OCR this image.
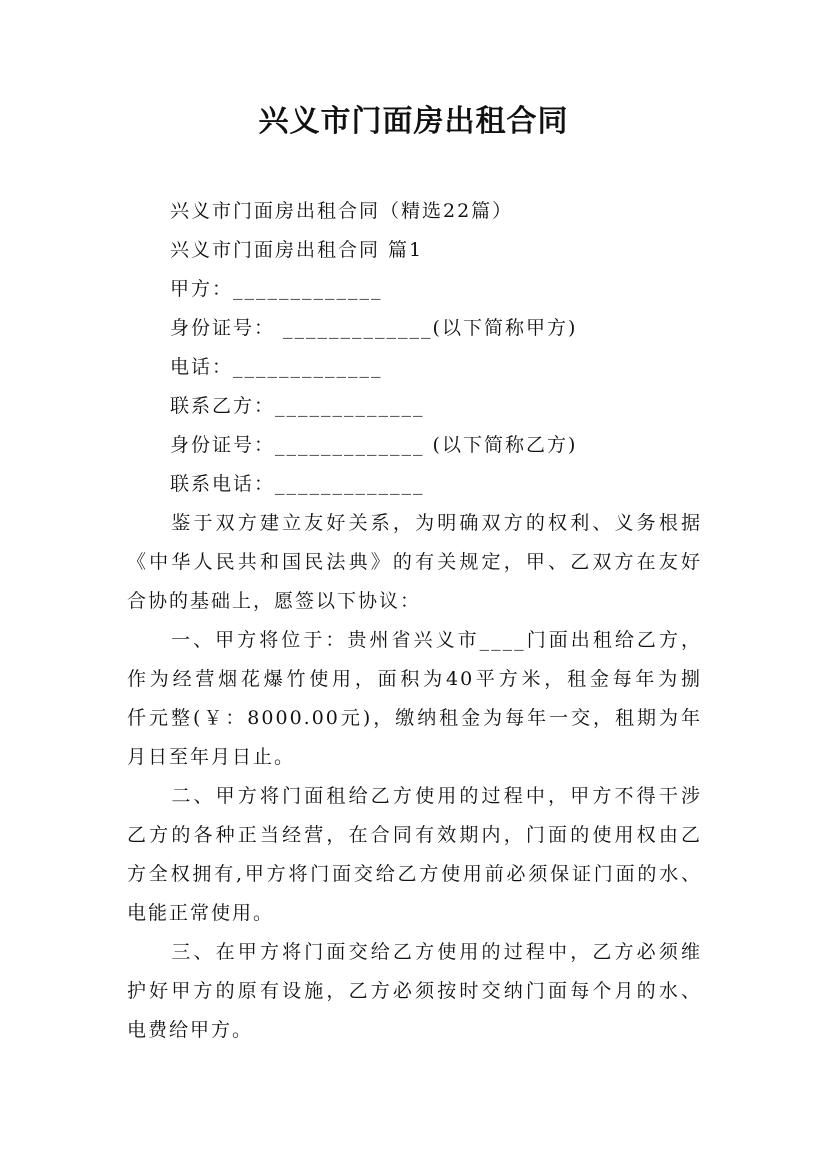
兴义市门面房出租合同
兴义市门面房出租合同（精选22篇）
兴义市门面房出租合同 篇1
甲方：_____________
身份证号： _____________(以下简称甲方)
电话：_____________
联系乙方：_____________
身份证号：_____________ (以下简称乙方)
联系电话：_____________
　　鉴于双方建立友好关系，为明确双方的权利、义务根据
《中华人民共和国民法典》的有关规定，甲、乙双方在友好
合协的基础上，愿签以下协议：
　　一、甲方将位于：贵州省兴义市____门面出租给乙方，
作为经营烟花爆竹使用，面积为40平方米，租金每年为捌
仟元整(￥：8000.00元)，缴纳租金为每年一交，租期为年
月日至年月日止。
　　二、甲方将门面租给乙方使用的过程中，甲方不得干涉
乙方的各种正当经营，在合同有效期内，门面的使用权由乙
方全权拥有,甲方将门面交给乙方使用前必须保证门面的水、
电能正常使用。
　　三、在甲方将门面交给乙方使用的过程中，乙方必须维
护好甲方的原有设施，乙方必须按时交纳门面每个月的水、
电费给甲方。
